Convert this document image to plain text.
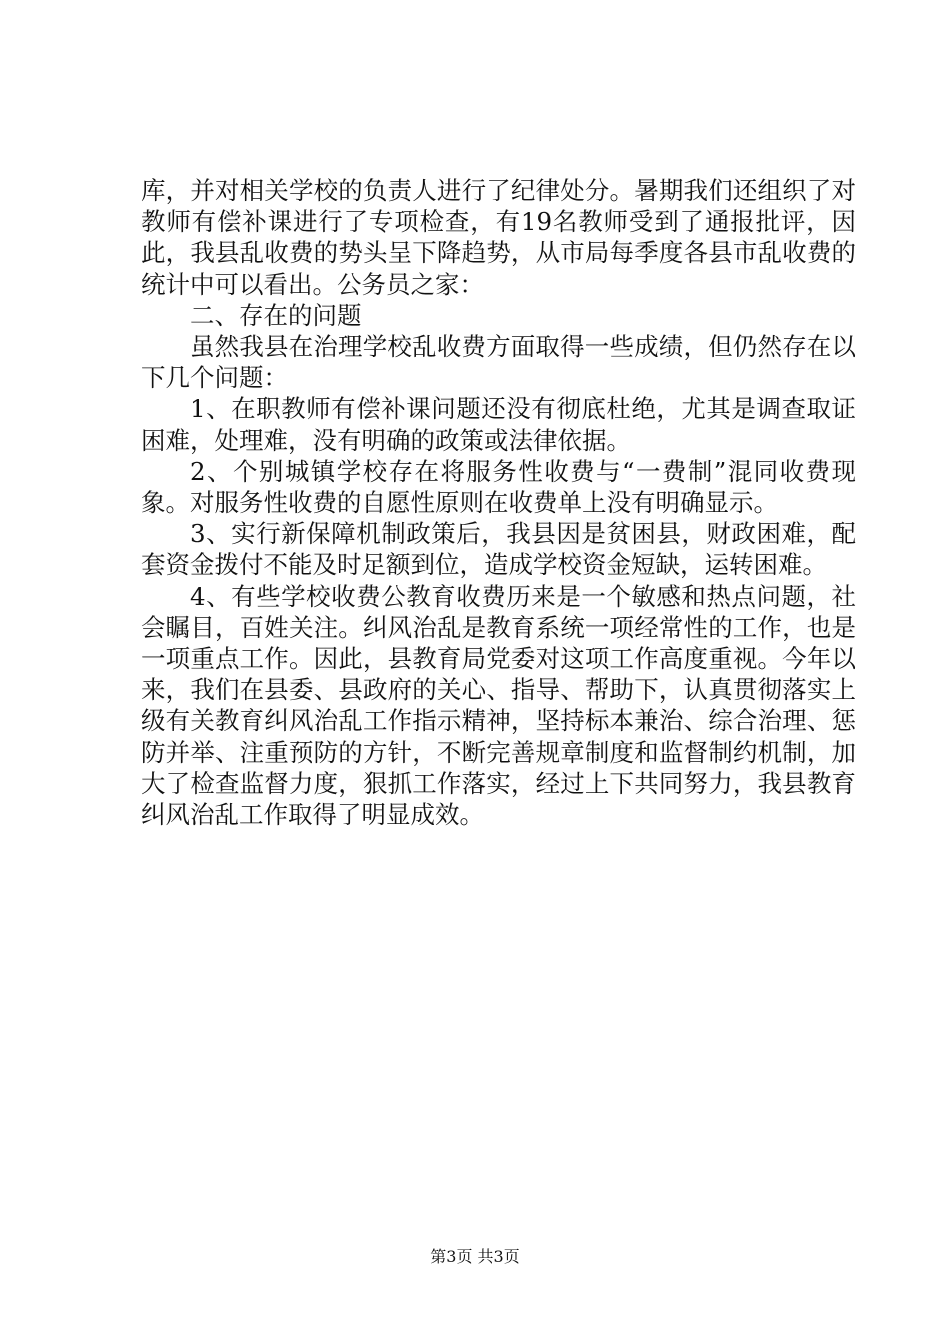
库，并对相关学校的负责人进行了纪律处分。暑期我们还组织了对教师有偿补课进行了专项检查，有19名教师受到了通报批评，因此，我县乱收费的势头呈下降趋势，从市局每季度各县市乱收费的统计中可以看出。公务员之家：

二、存在的问题

虽然我县在治理学校乱收费方面取得一些成绩，但仍然存在以下几个问题：

1、在职教师有偿补课问题还没有彻底杜绝，尤其是调查取证困难，处理难，没有明确的政策或法律依据。

2、个别城镇学校存在将服务性收费与“一费制”混同收费现象。对服务性收费的自愿性原则在收费单上没有明确显示。

3、实行新保障机制政策后，我县因是贫困县，财政困难，配套资金拨付不能及时足额到位，造成学校资金短缺，运转困难。

4、有些学校收费公教育收费历来是一个敏感和热点问题，社会瞩目，百姓关注。纠风治乱是教育系统一项经常性的工作，也是一项重点工作。因此，县教育局党委对这项工作高度重视。今年以来，我们在县委、县政府的关心、指导、帮助下，认真贯彻落实上级有关教育纠风治乱工作指示精神，坚持标本兼治、综合治理、惩防并举、注重预防的方针，不断完善规章制度和监督制约机制，加大了检查监督力度，狠抓工作落实，经过上下共同努力，我县教育纠风治乱工作取得了明显成效。

第3页 共3页
